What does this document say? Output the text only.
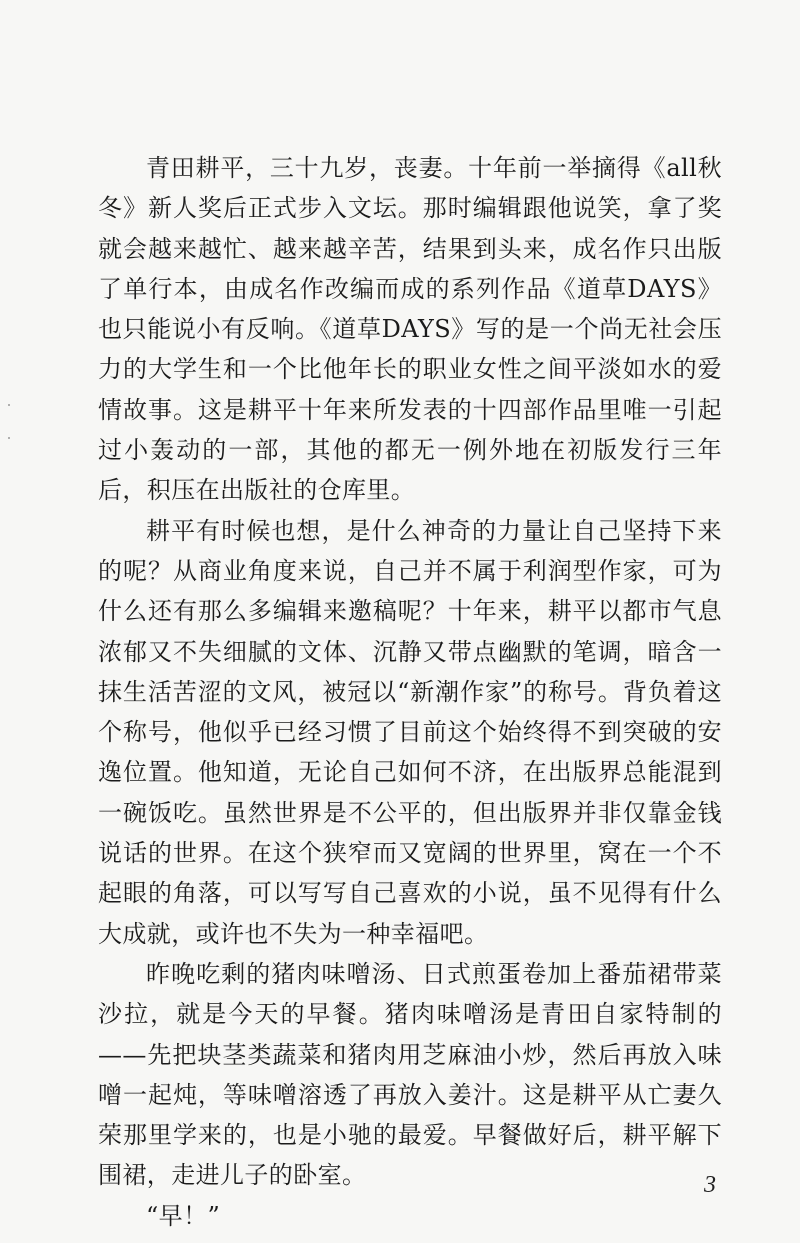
青田耕平，三十九岁，丧妻。十年前一举摘得《all秋冬》新人奖后正式步入文坛。那时编辑跟他说笑，拿了奖就会越来越忙、越来越辛苦，结果到头来，成名作只出版了单行本，由成名作改编而成的系列作品《道草DAYS》也只能说小有反响。《道草DAYS》写的是一个尚无社会压力的大学生和一个比他年长的职业女性之间平淡如水的爱情故事。这是耕平十年来所发表的十四部作品里唯一引起过小轰动的一部，其他的都无一例外地在初版发行三年后，积压在出版社的仓库里。

耕平有时候也想，是什么神奇的力量让自己坚持下来的呢？从商业角度来说，自己并不属于利润型作家，可为什么还有那么多编辑来邀稿呢？十年来，耕平以都市气息浓郁又不失细腻的文体、沉静又带点幽默的笔调，暗含一抹生活苦涩的文风，被冠以“新潮作家”的称号。背负着这个称号，他似乎已经习惯了目前这个始终得不到突破的安逸位置。他知道，无论自己如何不济，在出版界总能混到一碗饭吃。虽然世界是不公平的，但出版界并非仅靠金钱说话的世界。在这个狭窄而又宽阔的世界里，窝在一个不起眼的角落，可以写写自己喜欢的小说，虽不见得有什么大成就，或许也不失为一种幸福吧。

昨晚吃剩的猪肉味噌汤、日式煎蛋卷加上番茄裙带菜沙拉，就是今天的早餐。猪肉味噌汤是青田自家特制的——先把块茎类蔬菜和猪肉用芝麻油小炒，然后再放入味噌一起炖，等味噌溶透了再放入姜汁。这是耕平从亡妻久荣那里学来的，也是小驰的最爱。早餐做好后，耕平解下围裙，走进儿子的卧室。

“早！”

3
